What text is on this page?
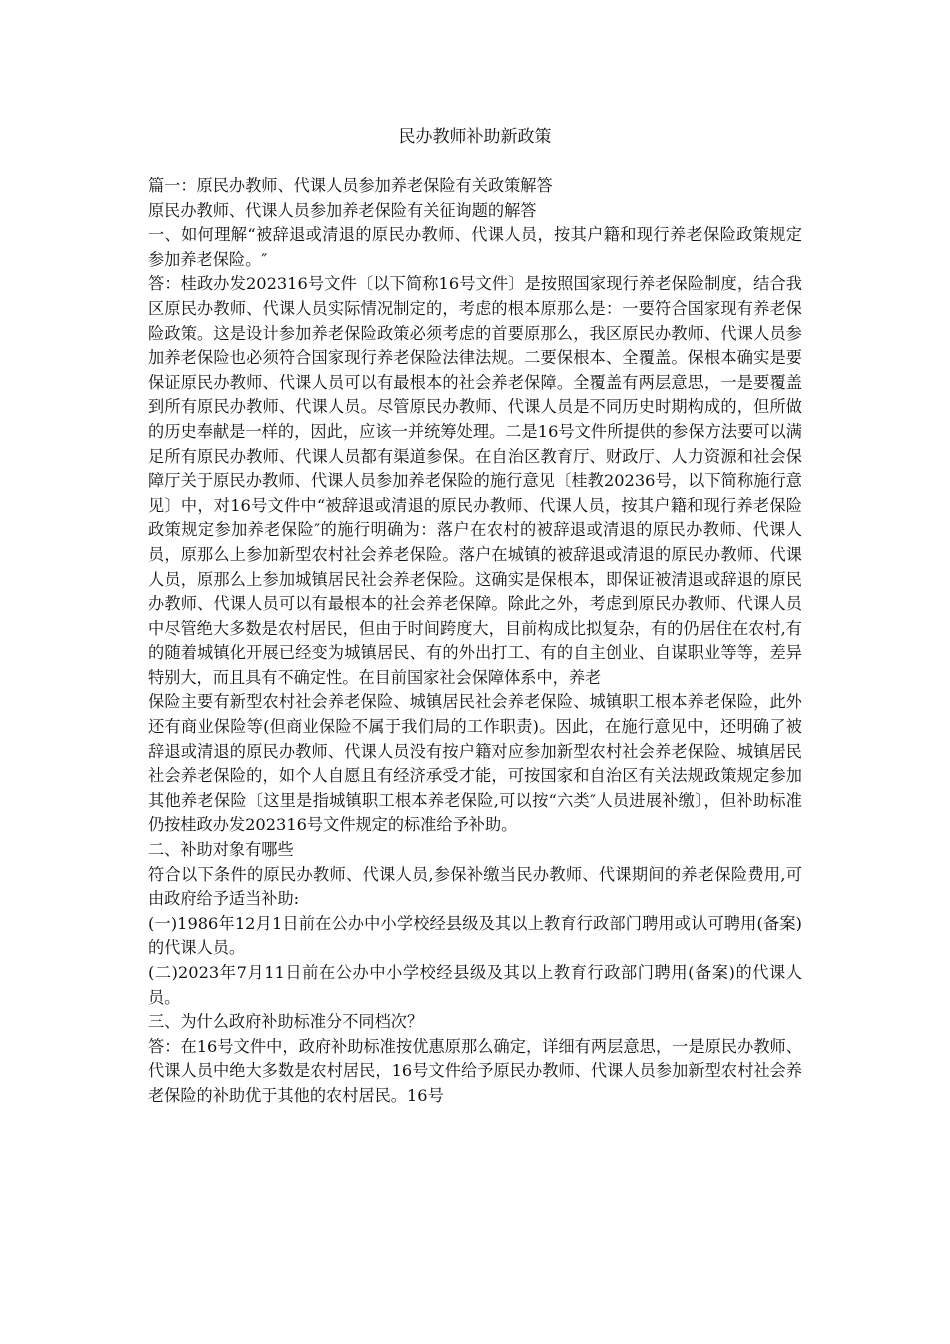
民办教师补助新政策

篇一：原民办教师、代课人员参加养老保险有关政策解答

原民办教师、代课人员参加养老保险有关征询题的解答

一、如何理解“被辞退或清退的原民办教师、代课人员，按其户籍和现行养老保险政策规定参加养老保险。″

答：桂政办发202316号文件〔以下简称16号文件〕是按照国家现行养老保险制度，结合我区原民办教师、代课人员实际情况制定的，考虑的根本原那么是：一要符合国家现有养老保险政策。这是设计参加养老保险政策必须考虑的首要原那么，我区原民办教师、代课人员参加养老保险也必须符合国家现行养老保险法律法规。二要保根本、全覆盖。保根本确实是要保证原民办教师、代课人员可以有最根本的社会养老保障。全覆盖有两层意思，一是要覆盖到所有原民办教师、代课人员。尽管原民办教师、代课人员是不同历史时期构成的，但所做的历史奉献是一样的，因此，应该一并统筹处理。二是16号文件所提供的参保方法要可以满足所有原民办教师、代课人员都有渠道参保。在自治区教育厅、财政厅、人力资源和社会保障厅关于原民办教师、代课人员参加养老保险的施行意见〔桂教20236号，以下简称施行意见〕中，对16号文件中“被辞退或清退的原民办教师、代课人员，按其户籍和现行养老保险政策规定参加养老保险″的施行明确为：落户在农村的被辞退或清退的原民办教师、代课人员，原那么上参加新型农村社会养老保险。落户在城镇的被辞退或清退的原民办教师、代课人员，原那么上参加城镇居民社会养老保险。这确实是保根本，即保证被清退或辞退的原民办教师、代课人员可以有最根本的社会养老保障。除此之外，考虑到原民办教师、代课人员中尽管绝大多数是农村居民，但由于时间跨度大，目前构成比拟复杂，有的仍居住在农村,有的随着城镇化开展已经变为城镇居民、有的外出打工、有的自主创业、自谋职业等等，差异特别大，而且具有不确定性。在目前国家社会保障体系中，养老

保险主要有新型农村社会养老保险、城镇居民社会养老保险、城镇职工根本养老保险，此外还有商业保险等(但商业保险不属于我们局的工作职责)。因此，在施行意见中，还明确了被辞退或清退的原民办教师、代课人员没有按户籍对应参加新型农村社会养老保险、城镇居民社会养老保险的，如个人自愿且有经济承受才能，可按国家和自治区有关法规政策规定参加其他养老保险〔这里是指城镇职工根本养老保险,可以按“六类″人员进展补缴〕，但补助标准仍按桂政办发202316号文件规定的标准给予补助。

二、补助对象有哪些

符合以下条件的原民办教师、代课人员,参保补缴当民办教师、代课期间的养老保险费用,可由政府给予适当补助:

(一)1986年12月1日前在公办中小学校经县级及其以上教育行政部门聘用或认可聘用(备案)的代课人员。

(二)2023年7月11日前在公办中小学校经县级及其以上教育行政部门聘用(备案)的代课人员。

三、为什么政府补助标准分不同档次？

答：在16号文件中，政府补助标准按优惠原那么确定，详细有两层意思，一是原民办教师、代课人员中绝大多数是农村居民，16号文件给予原民办教师、代课人员参加新型农村社会养老保险的补助优于其他的农村居民。16号
